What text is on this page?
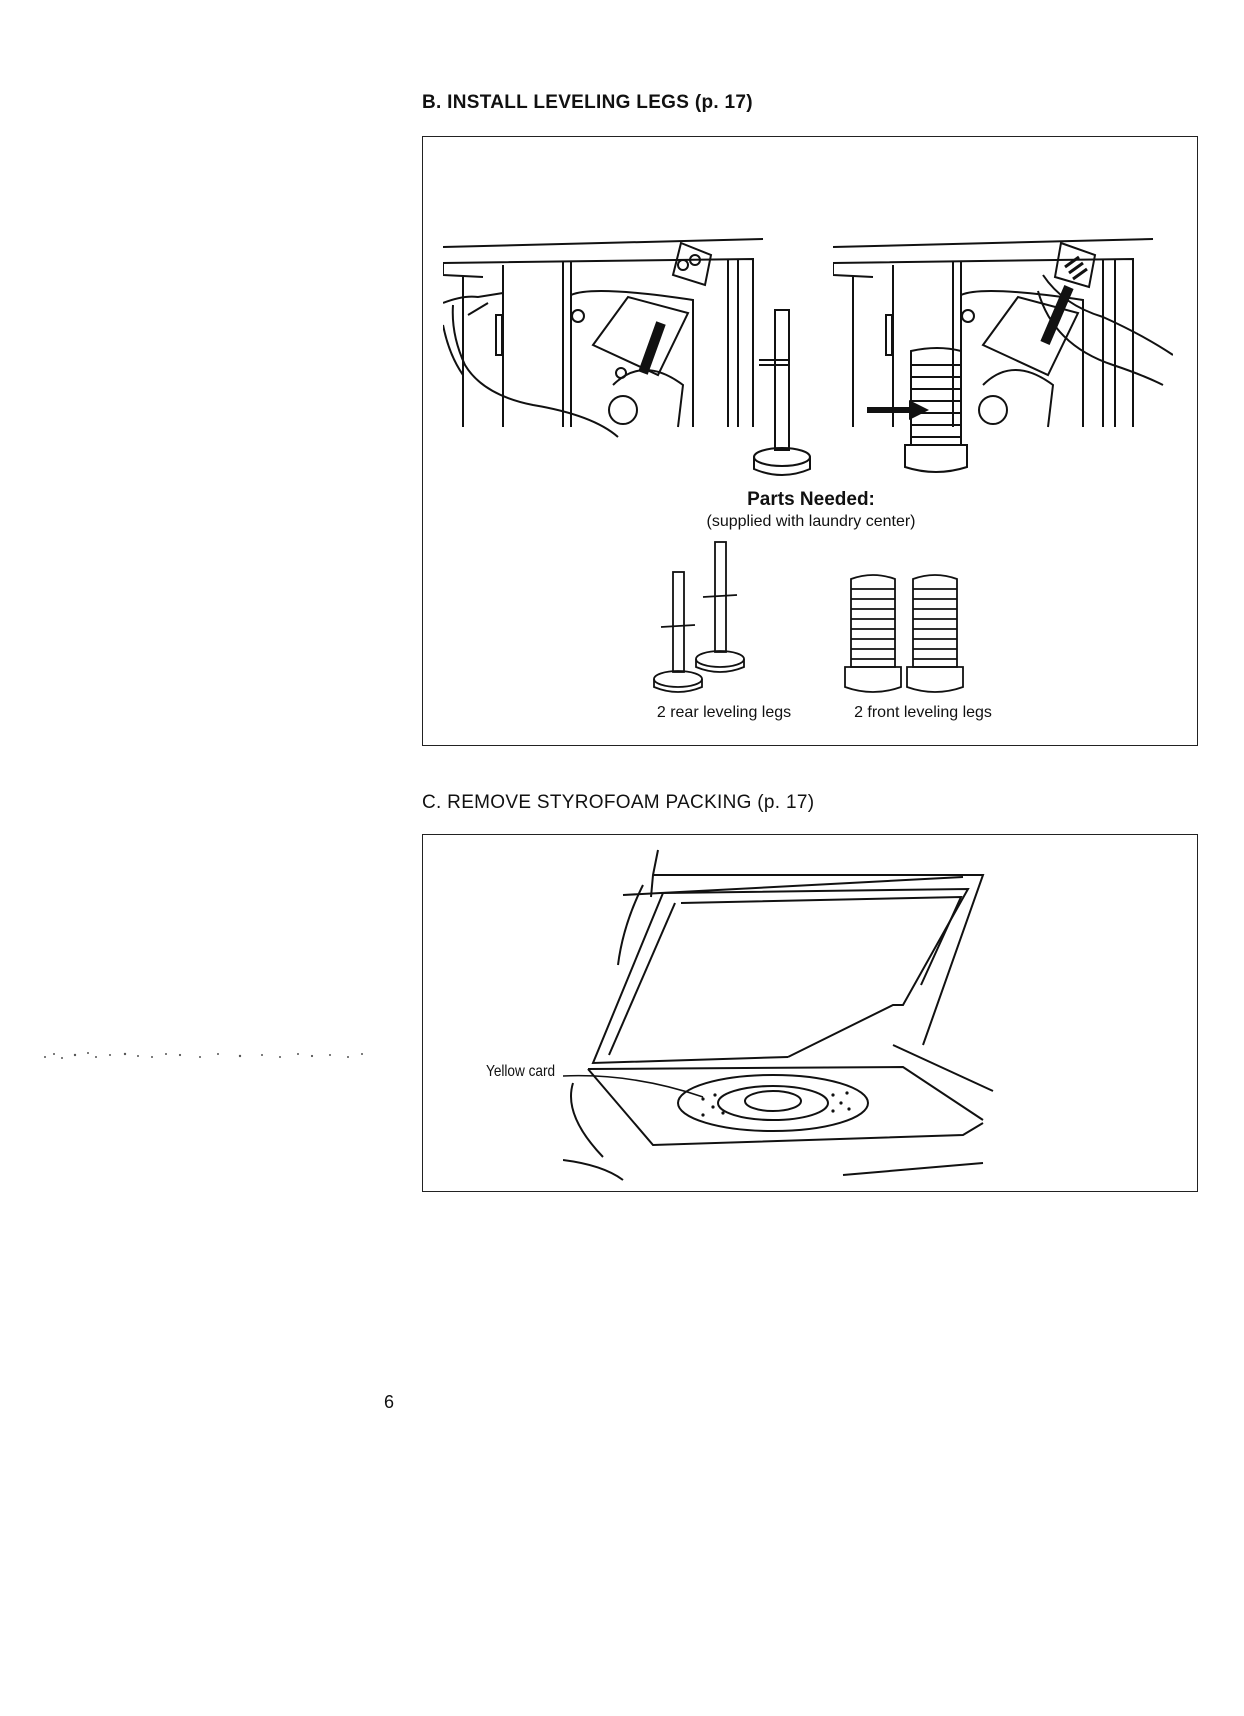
B. INSTALL LEVELING LEGS (p. 17)
Parts Needed:
(supplied with laundry center)
2 rear leveling legs	2 front leveling legs
C. REMOVE STYROFOAM PACKING (p. 17)
Yellow card
6
